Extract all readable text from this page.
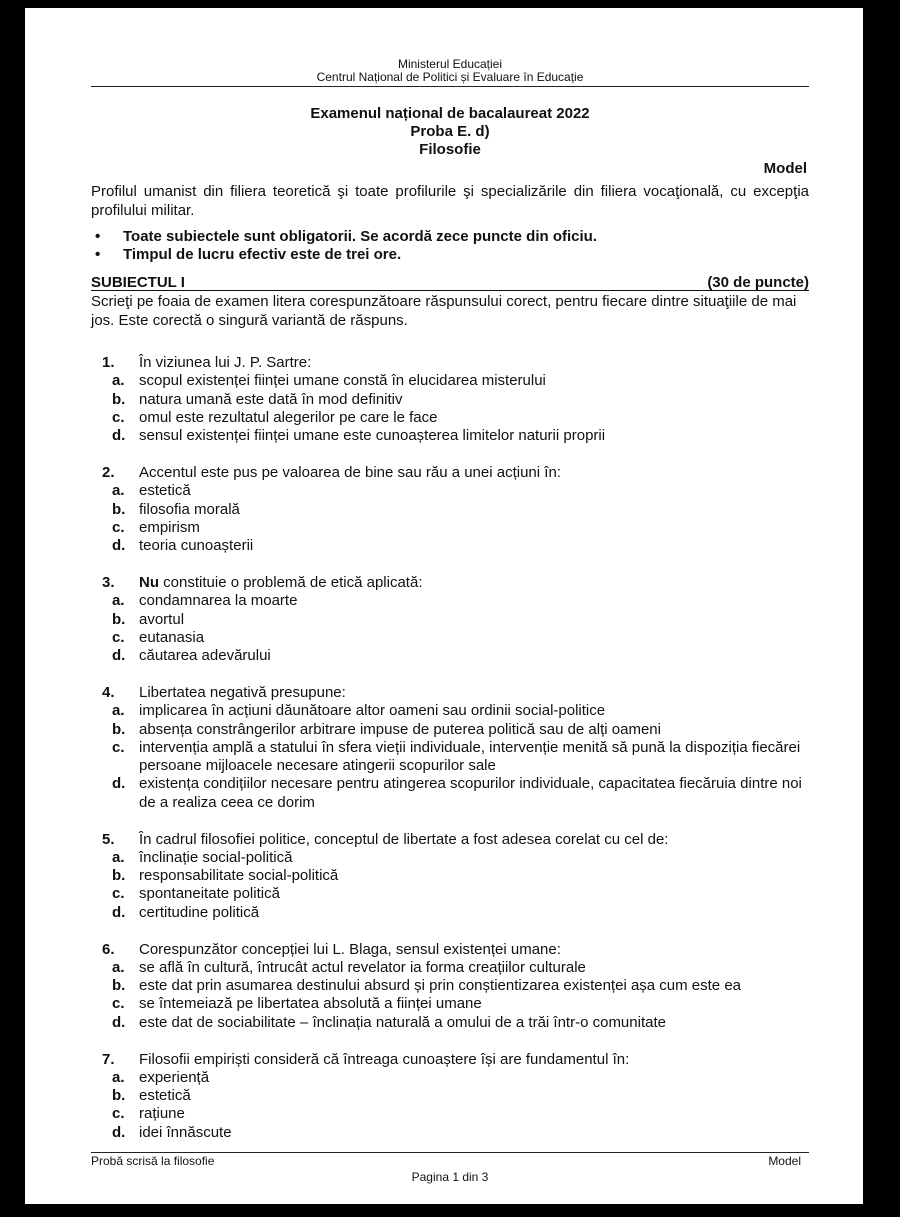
Ministerul Educației
Centrul Național de Politici și Evaluare în Educație
Examenul național de bacalaureat 2022
Proba E. d)
Filosofie
Model
Profilul umanist din filiera teoretică şi toate profilurile şi specializările din filiera vocaţională, cu excepţia profilului militar.
• Toate subiectele sunt obligatorii. Se acordă zece puncte din oficiu.
• Timpul de lucru efectiv este de trei ore.
SUBIECTUL I	(30 de puncte)
Scrieţi pe foaia de examen litera corespunzătoare răspunsului corect, pentru fiecare dintre situaţiile de mai jos. Este corectă o singură variantă de răspuns.
1. În viziunea lui J. P. Sartre:
a. scopul existenței ființei umane constă în elucidarea misterului
b. natura umană este dată în mod definitiv
c. omul este rezultatul alegerilor pe care le face
d. sensul existenței ființei umane este cunoașterea limitelor naturii proprii
2. Accentul este pus pe valoarea de bine sau rău a unei acțiuni în:
a. estetică
b. filosofia morală
c. empirism
d. teoria cunoașterii
3. Nu constituie o problemă de etică aplicată:
a. condamnarea la moarte
b. avortul
c. eutanasia
d. căutarea adevărului
4. Libertatea negativă presupune:
a. implicarea în acțiuni dăunătoare altor oameni sau ordinii social-politice
b. absența constrângerilor arbitrare impuse de puterea politică sau de alți oameni
c. intervenția amplă a statului în sfera vieții individuale, intervenție menită să pună la dispoziția fiecărei persoane mijloacele necesare atingerii scopurilor sale
d. existența condițiilor necesare pentru atingerea scopurilor individuale, capacitatea fiecăruia dintre noi de a realiza ceea ce dorim
5. În cadrul filosofiei politice, conceptul de libertate a fost adesea corelat cu cel de:
a. înclinație social-politică
b. responsabilitate social-politică
c. spontaneitate politică
d. certitudine politică
6. Corespunzător concepției lui L. Blaga, sensul existenței umane:
a. se află în cultură, întrucât actul revelator ia forma creațiilor culturale
b. este dat prin asumarea destinului absurd și prin conștientizarea existenței așa cum este ea
c. se întemeiază pe libertatea absolută a ființei umane
d. este dat de sociabilitate – înclinația naturală a omului de a trăi într-o comunitate
7. Filosofii empiriști consideră că întreaga cunoaștere își are fundamentul în:
a. experiență
b. estetică
c. rațiune
d. idei înnăscute
Probă scrisă la filosofie	Model
Pagina 1 din 3
